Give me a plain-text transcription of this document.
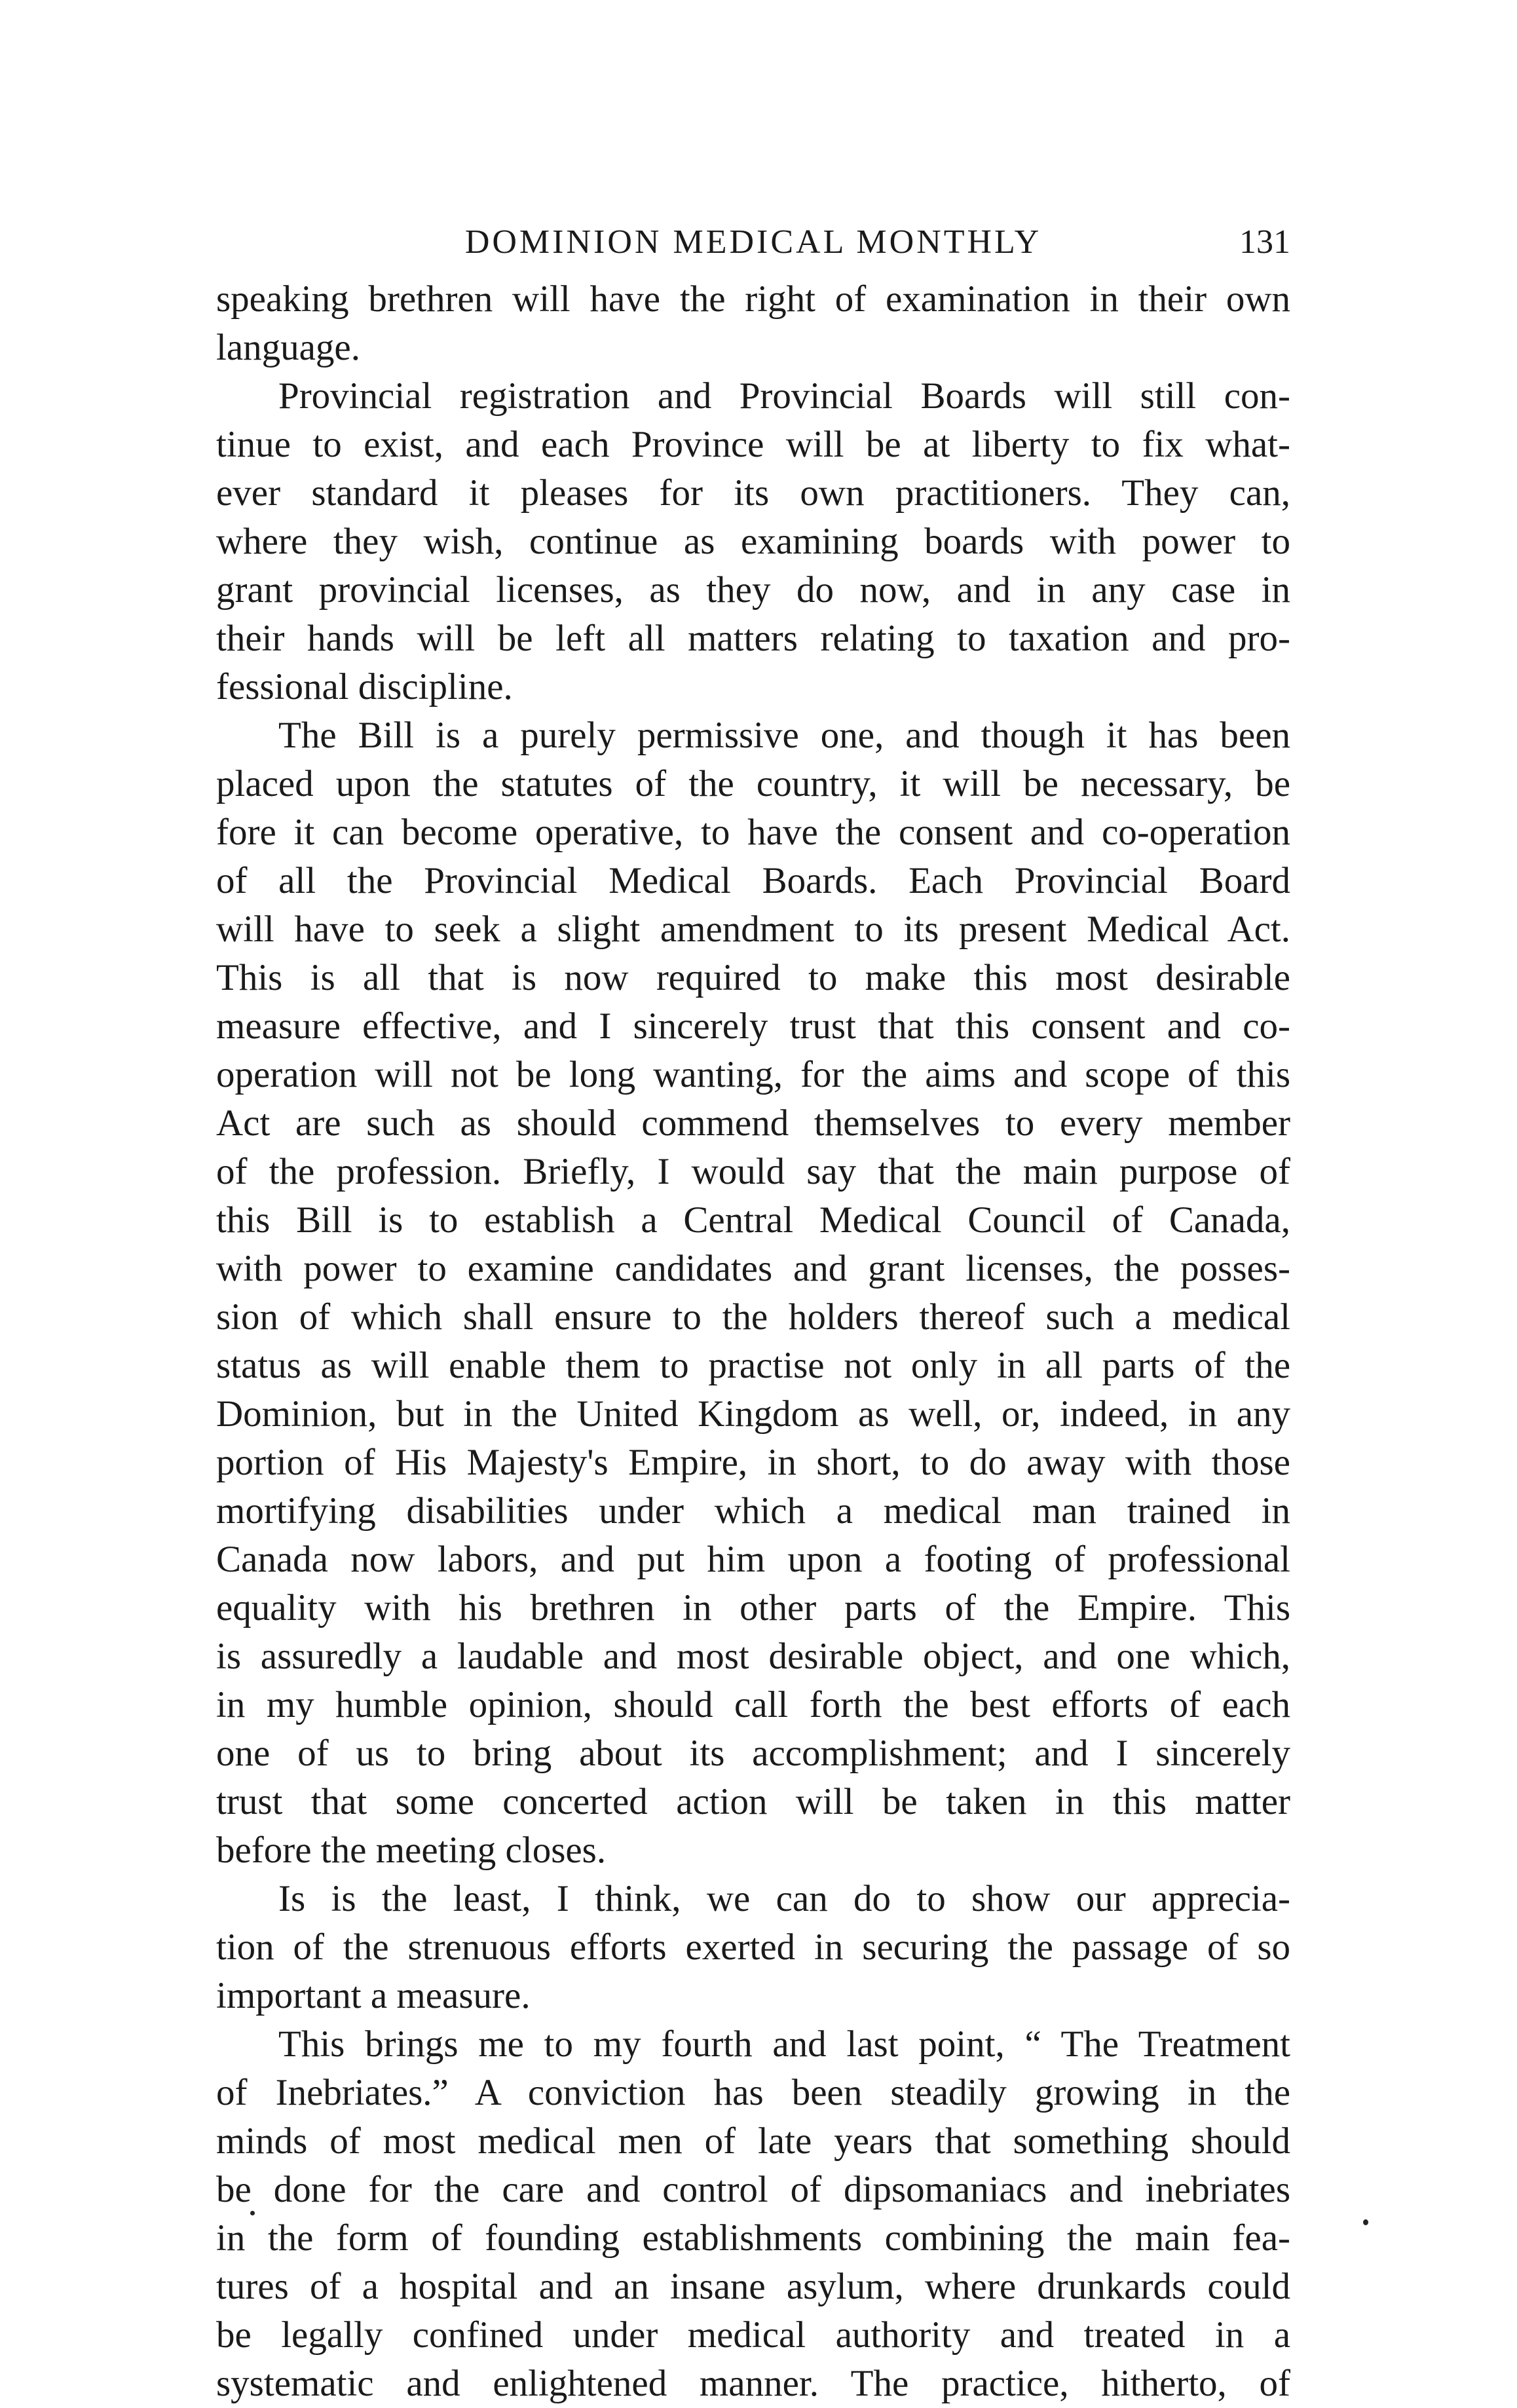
DOMINION MEDICAL MONTHLY	131
speaking brethren will have the right of examination in their own
language.
Provincial registration and Provincial Boards will still con-
tinue to exist, and each Province will be at liberty to fix what-
ever standard it pleases for its own practitioners. They can,
where they wish, continue as examining boards with power to
grant provincial licenses, as they do now, and in any case in
their hands will be left all matters relating to taxation and pro-
fessional discipline.
The Bill is a purely permissive one, and though it has been
placed upon the statutes of the country, it will be necessary, be
fore it can become operative, to have the consent and co-operation
of all the Provincial Medical Boards. Each Provincial Board
will have to seek a slight amendment to its present Medical Act.
This is all that is now required to make this most desirable
measure effective, and I sincerely trust that this consent and co-
operation will not be long wanting, for the aims and scope of this
Act are such as should commend themselves to every member
of the profession. Briefly, I would say that the main purpose of
this Bill is to establish a Central Medical Council of Canada,
with power to examine candidates and grant licenses, the posses-
sion of which shall ensure to the holders thereof such a medical
status as will enable them to practise not only in all parts of the
Dominion, but in the United Kingdom as well, or, indeed, in any
portion of His Majesty's Empire, in short, to do away with those
mortifying disabilities under which a medical man trained in
Canada now labors, and put him upon a footing of professional
equality with his brethren in other parts of the Empire. This
is assuredly a laudable and most desirable object, and one which,
in my humble opinion, should call forth the best efforts of each
one of us to bring about its accomplishment; and I sincerely
trust that some concerted action will be taken in this matter
before the meeting closes.
Is is the least, I think, we can do to show our apprecia-
tion of the strenuous efforts exerted in securing the passage of so
important a measure.
This brings me to my fourth and last point, “ The Treatment
of Inebriates.” A conviction has been steadily growing in the
minds of most medical men of late years that something should
be done for the care and control of dipsomaniacs and inebriates
in the form of founding establishments combining the main fea-
tures of a hospital and an insane asylum, where drunkards could
be legally confined under medical authority and treated in a
systematic and enlightened manner. The practice, hitherto, of
